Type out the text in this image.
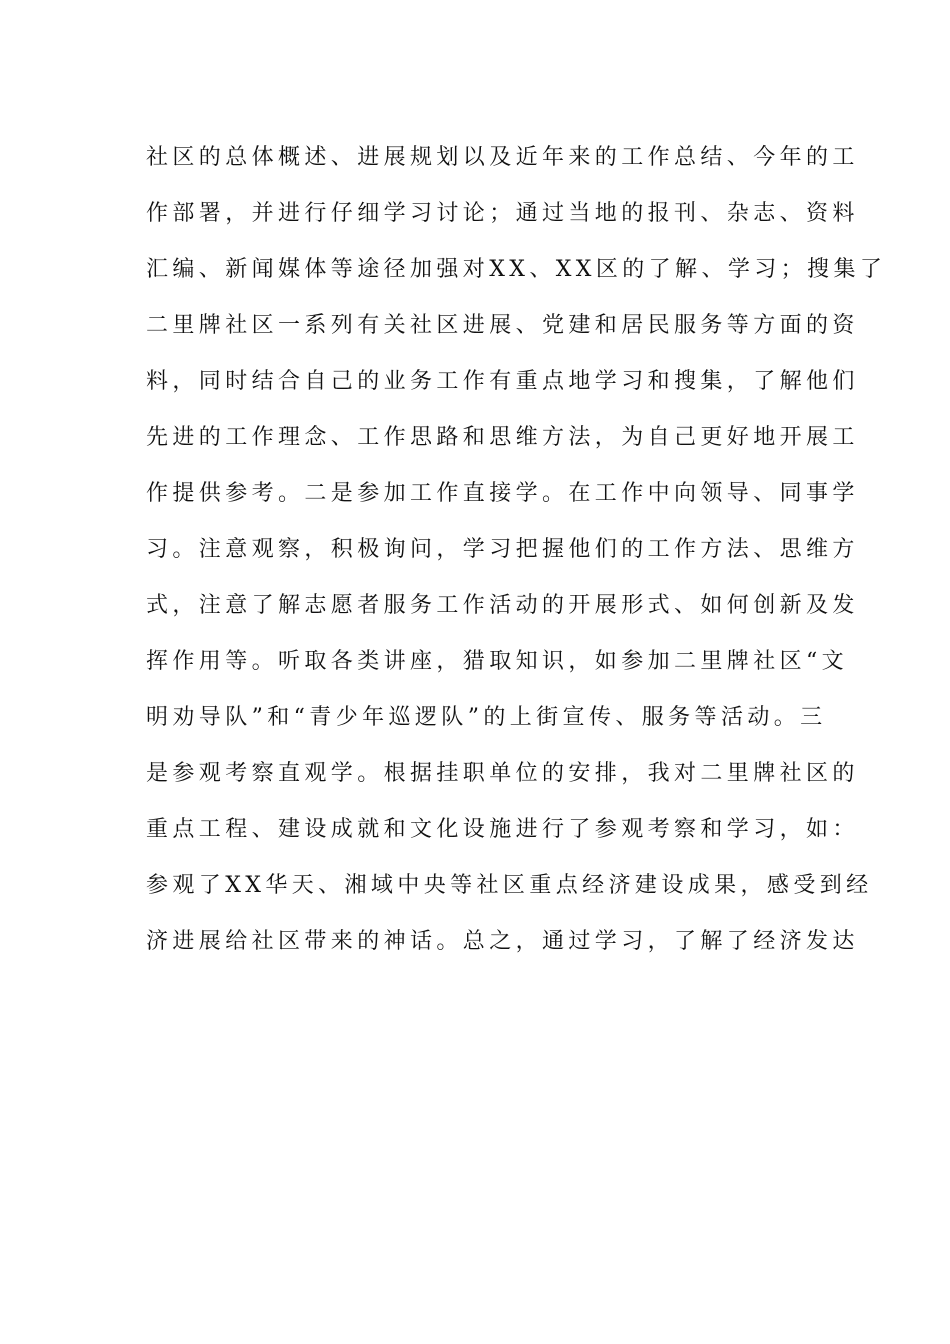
社区的总体概述、进展规划以及近年来的工作总结、今年的工
作部署，并进行仔细学习讨论；通过当地的报刊、杂志、资料
汇编、新闻媒体等途径加强对XX、XX区的了解、学习；搜集了
二里牌社区一系列有关社区进展、党建和居民服务等方面的资
料，同时结合自己的业务工作有重点地学习和搜集，了解他们
先进的工作理念、工作思路和思维方法，为自己更好地开展工
作提供参考。二是参加工作直接学。在工作中向领导、同事学
习。注意观察，积极询问，学习把握他们的工作方法、思维方
式，注意了解志愿者服务工作活动的开展形式、如何创新及发
挥作用等。听取各类讲座，猎取知识，如参加二里牌社区“文
明劝导队”和“青少年巡逻队”的上街宣传、服务等活动。三
是参观考察直观学。根据挂职单位的安排，我对二里牌社区的
重点工程、建设成就和文化设施进行了参观考察和学习，如：
参观了XX华天、湘域中央等社区重点经济建设成果，感受到经
济进展给社区带来的神话。总之，通过学习，了解了经济发达
